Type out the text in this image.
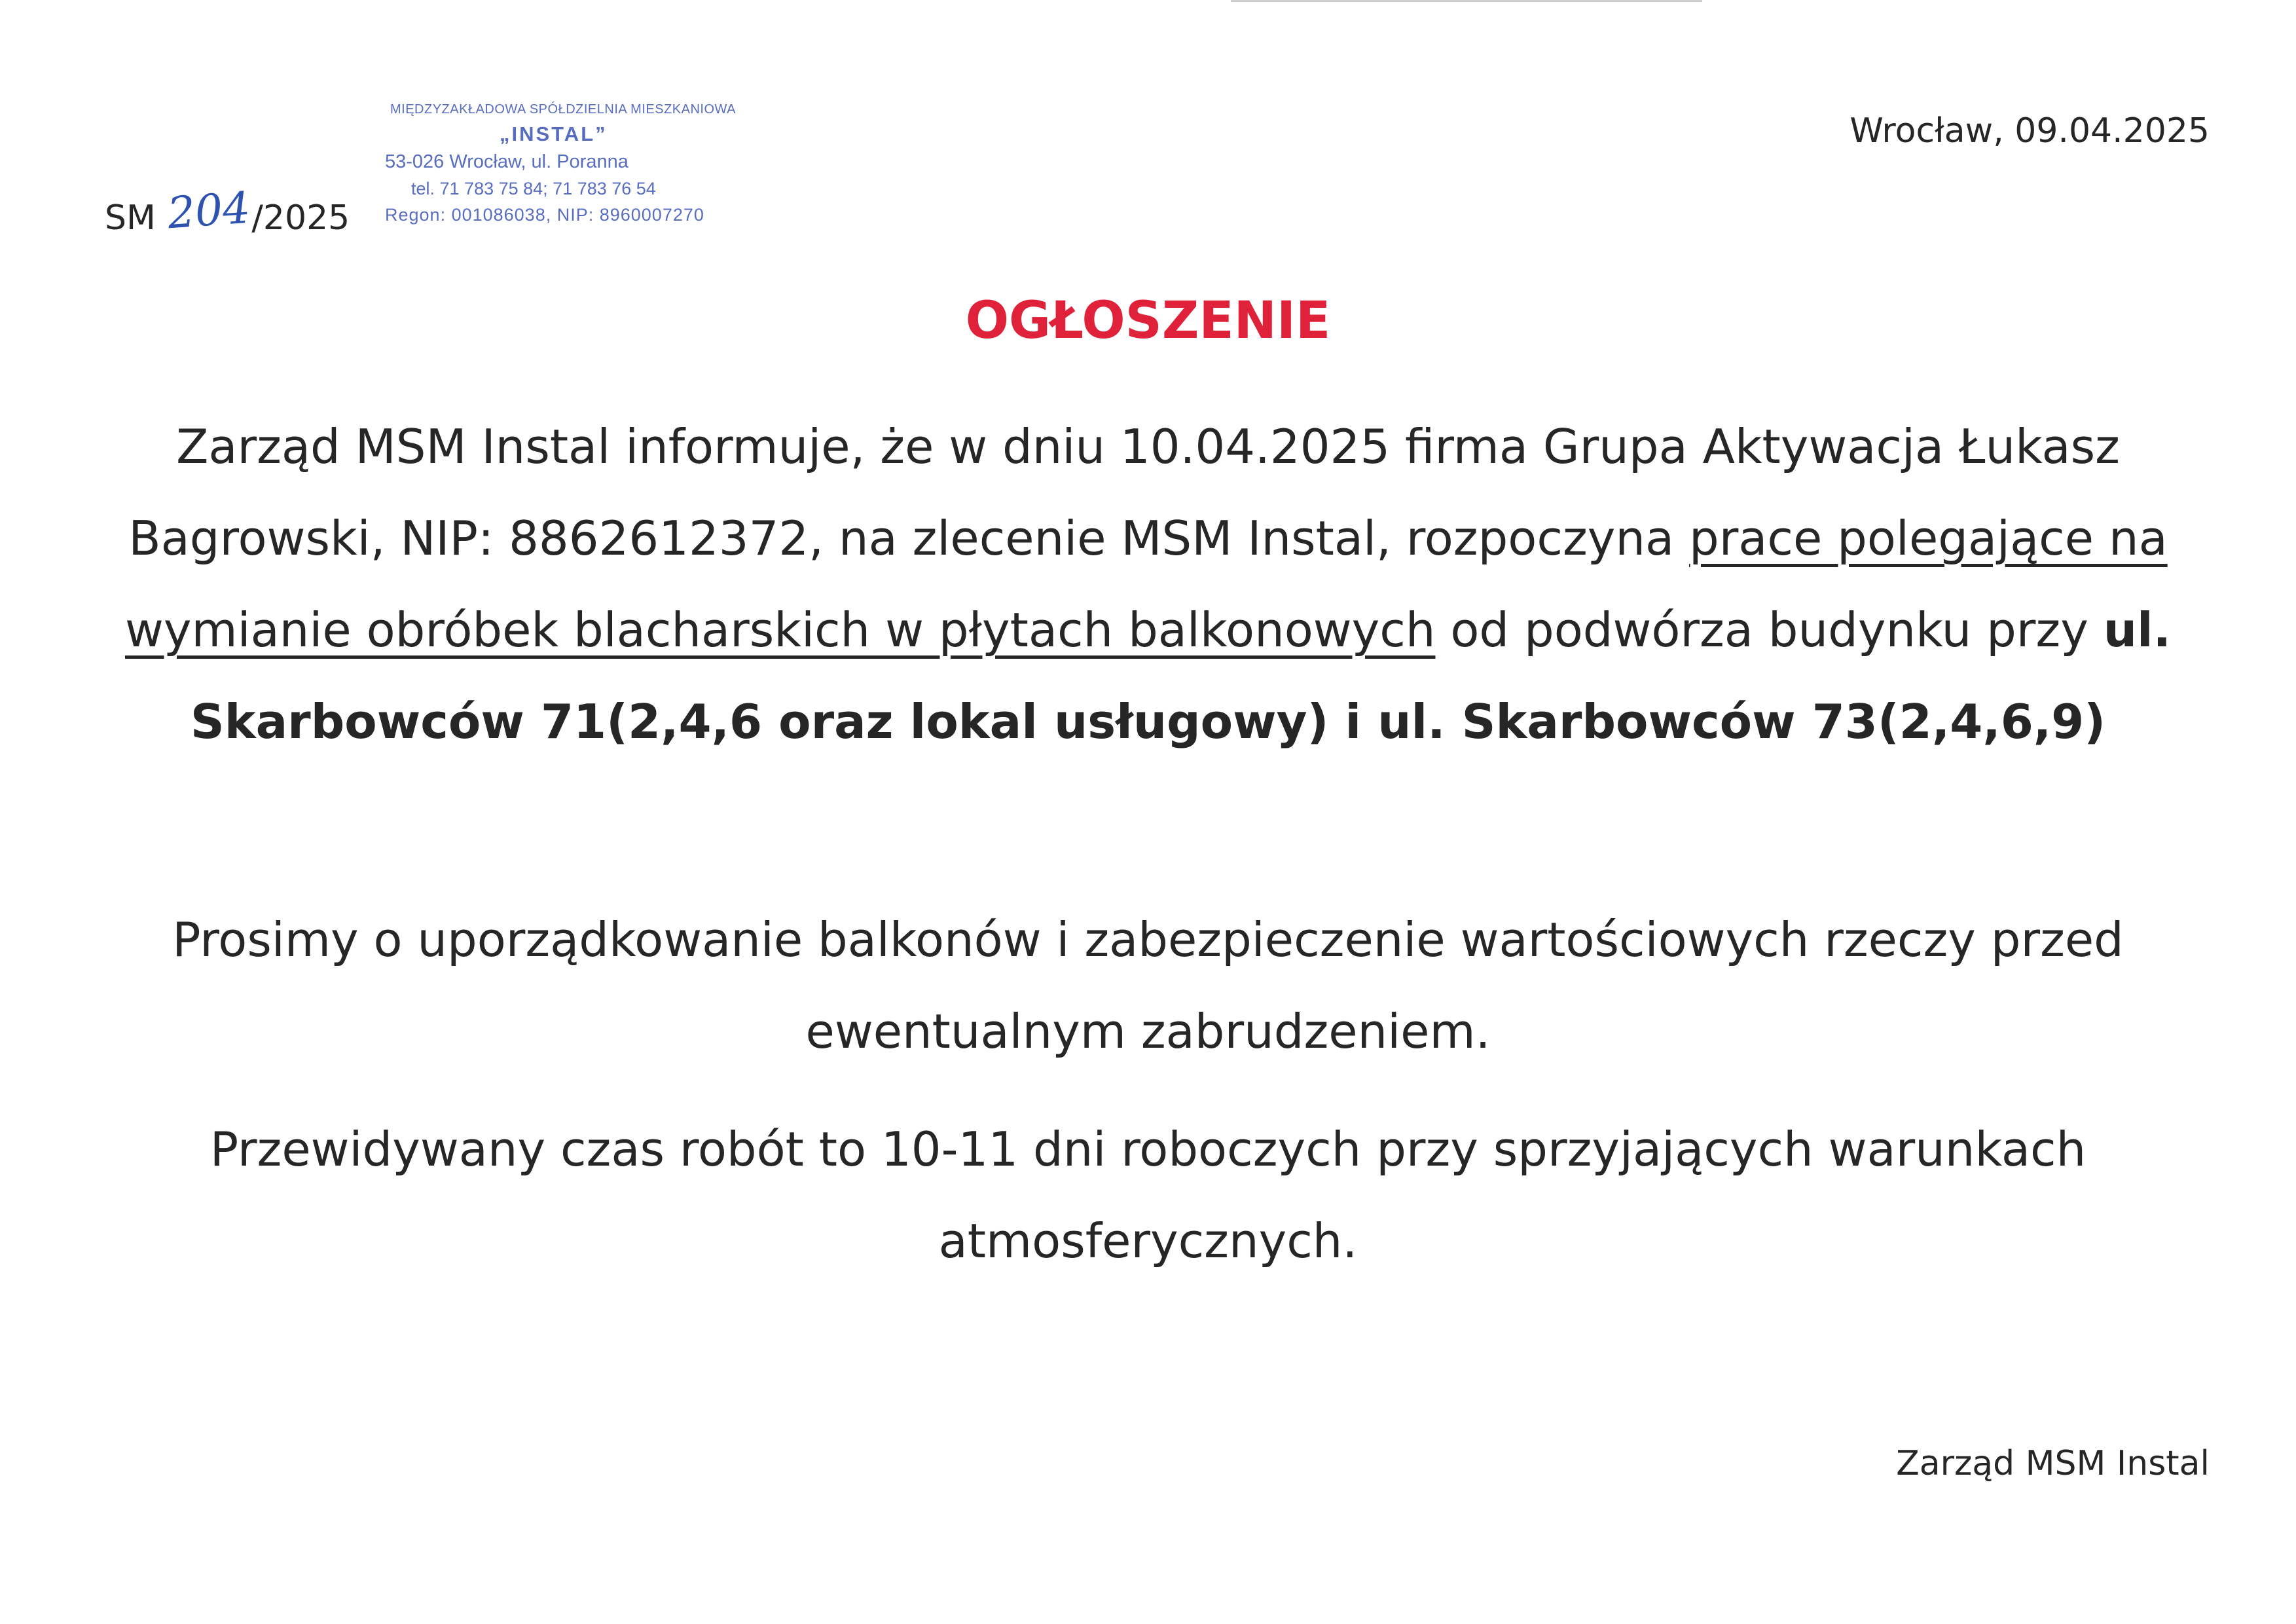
SM 204/2025
MIĘDZYZAKŁADOWA SPÓŁDZIELNIA MIESZKANIOWA
„INSTAL”
53-026 Wrocław, ul. Poranna
tel. 71 783 75 84; 71 783 76 54
Regon: 001086038, NIP: 8960007270
Wrocław, 09.04.2025
OGŁOSZENIE

Zarząd MSM Instal informuje, że w dniu 10.04.2025 firma Grupa Aktywacja Łukasz Bagrowski, NIP: 8862612372, na zlecenie MSM Instal, rozpoczyna prace polegające na wymianie obróbek blacharskich w płytach balkonowych od podwórza budynku przy ul. Skarbowców 71(2,4,6 oraz lokal usługowy) i ul. Skarbowców 73(2,4,6,9)

Prosimy o uporządkowanie balkonów i zabezpieczenie wartościowych rzeczy przed ewentualnym zabrudzeniem.

Przewidywany czas robót to 10-11 dni roboczych przy sprzyjających warunkach atmosferycznych.

Zarząd MSM Instal
